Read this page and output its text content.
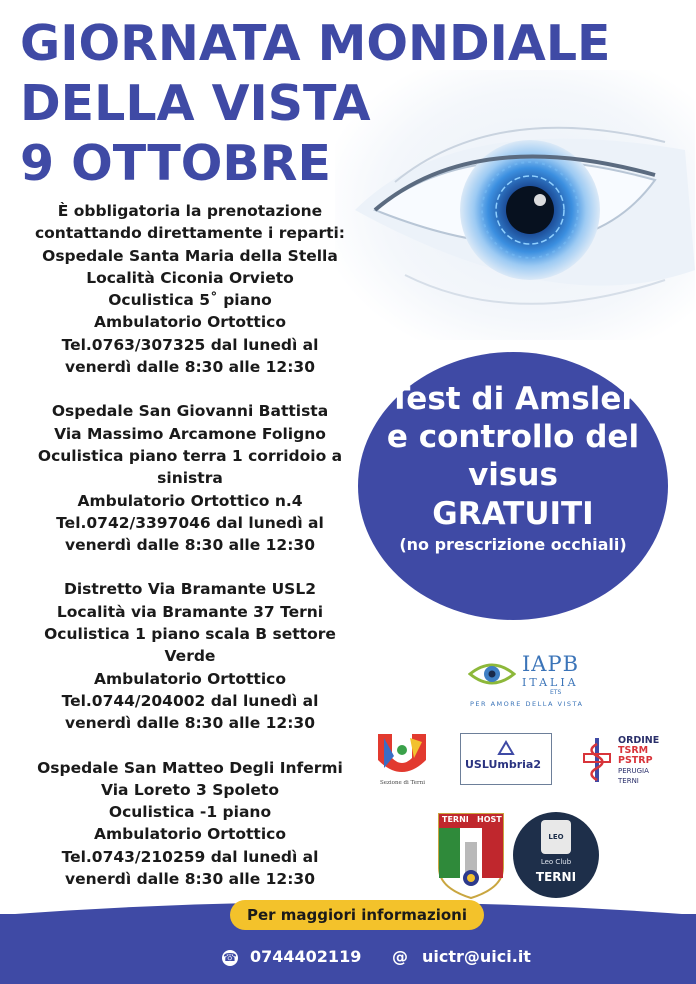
GIORNATA MONDIALE
DELLA VISTA
9 OTTOBRE
È obbligatoria la prenotazione
contattando direttamente i reparti:
Ospedale Santa Maria della Stella
Località Ciconia Orvieto
Oculistica 5˚ piano
Ambulatorio Ortottico
Tel.0763/307325 dal lunedì al
venerdì dalle 8:30 alle 12:30
Ospedale San Giovanni Battista
Via Massimo Arcamone Foligno
Oculistica piano terra 1 corridoio a
sinistra
Ambulatorio Ortottico n.4
Tel.0742/3397046 dal lunedì al
venerdì dalle 8:30 alle 12:30
Distretto Via Bramante USL2
Località via Bramante 37 Terni
Oculistica 1 piano scala B settore
Verde
Ambulatorio Ortottico
Tel.0744/204002 dal lunedì al
venerdì dalle 8:30 alle 12:30
Ospedale San Matteo Degli Infermi
Via Loreto 3 Spoleto
Oculistica -1 piano
Ambulatorio Ortottico
Tel.0743/210259 dal lunedì al
venerdì dalle 8:30 alle 12:30
Test di Amsler
e controllo del
visus
GRATUITI
(no prescrizione occhiali)
IAPB
ITALIA
ETS
PER AMORE DELLA VISTA
Sezione di Terni
USLUmbria2
ORDINE
TSRM
PSTRP
PERUGIA
TERNI
TERNI HOST
LEO
Leo Club
TERNI
Per maggiori informazioni
☎ 0744402119 @ uictr@uici.it
